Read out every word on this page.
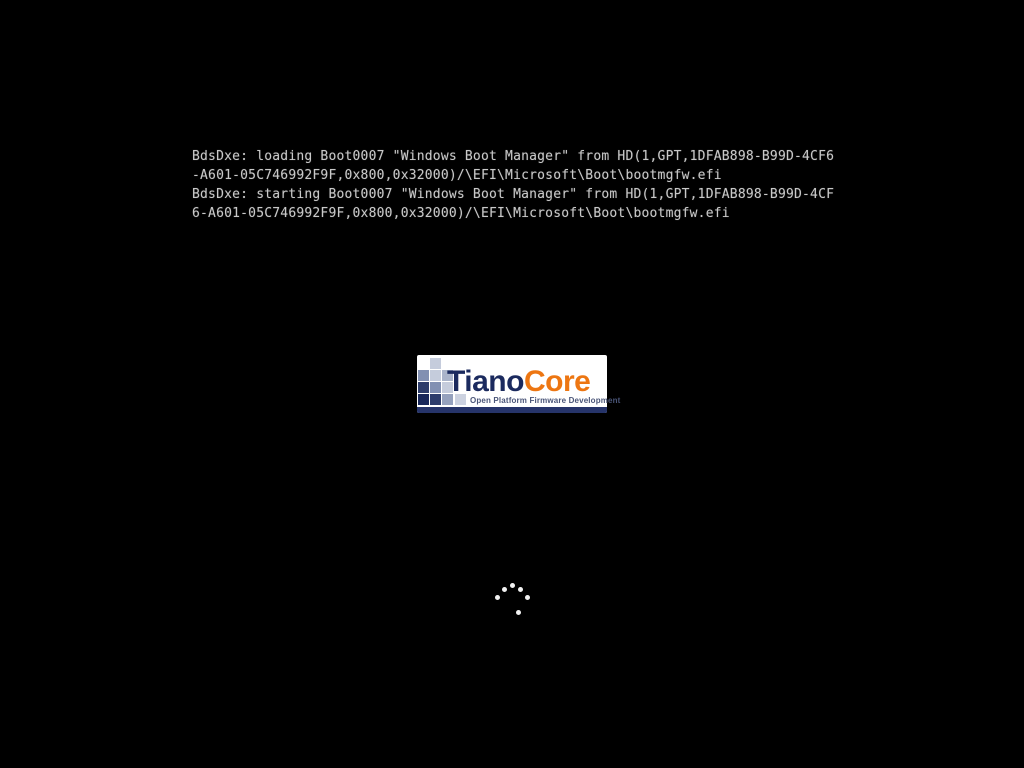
BdsDxe: loading Boot0007 "Windows Boot Manager" from HD(1,GPT,1DFAB898-B99D-4CF6
-A601-05C746992F9F,0x800,0x32000)/\EFI\Microsoft\Boot\bootmgfw.efi
BdsDxe: starting Boot0007 "Windows Boot Manager" from HD(1,GPT,1DFAB898-B99D-4CF
6-A601-05C746992F9F,0x800,0x32000)/\EFI\Microsoft\Boot\bootmgfw.efi
TianoCore
Open Platform Firmware Development
